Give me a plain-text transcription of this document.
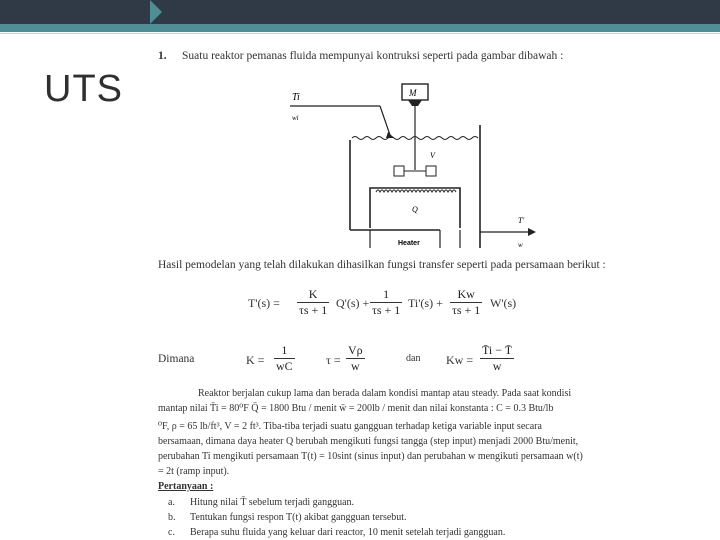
UTS
1. Suatu reaktor pemanas fluida mempunyai kontruksi seperti pada gambar dibawah :
Ti
wi
M
V
Q
Heater
T'
w
Hasil pemodelan yang telah dilakukan dihasilkan fungsi transfer seperti pada persamaan berikut :
$T'(s) = \frac{K}{\tau s + 1} Q'(s) + \frac{1}{\tau s + 1} Ti'(s) + \frac{Kw}{\tau s + 1} W'(s)$
Dimana	$K = \frac{1}{wC}$	$\tau = \frac{V\rho}{w}$	dan $Kw = \frac{T̄i - T̄}{w}$
Reaktor berjalan cukup lama dan berada dalam kondisi mantap atau steady. Pada saat kondisi
mantap nilai T̄i = 80⁰F Q̄ = 1800 Btu / menit w̄ = 200lb / menit dan nilai konstanta : C = 0.3 Btu/lb
⁰F, ρ = 65 lb/ft³, V = 2 ft³. Tiba-tiba terjadi suatu gangguan terhadap ketiga variable input secara
bersamaan, dimana daya heater Q berubah mengikuti fungsi tangga (step input) menjadi 2000 Btu/menit,
perubahan Ti mengikuti persamaan T(t) = 10sint (sinus input) dan perubahan w mengikuti persamaan w(t)
= 2t (ramp input).
Pertanyaan :
a. Hitung nilai T̄ sebelum terjadi gangguan.
b. Tentukan fungsi respon T(t) akibat gangguan tersebut.
c. Berapa suhu fluida yang keluar dari reactor, 10 menit setelah terjadi gangguan.
